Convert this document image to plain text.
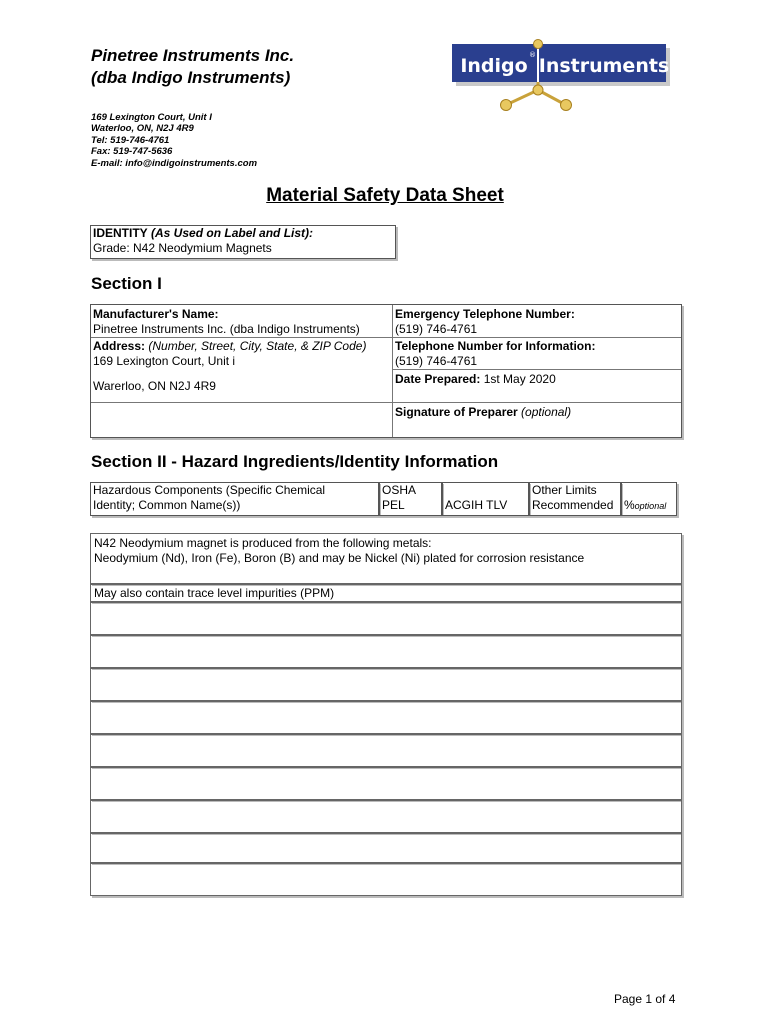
Pinetree Instruments Inc.
(dba Indigo Instruments)
169 Lexington Court, Unit I
Waterloo, ON, N2J 4R9
Tel: 519-746-4761
Fax: 519-747-5636
E-mail: info@indigoinstruments.com
Indigo ® Instruments
Material Safety Data Sheet
IDENTITY (As Used on Label and List):
Grade: N42 Neodymium Magnets
Section I
Manufacturer's Name:
Pinetree Instruments Inc. (dba Indigo Instruments)
Address: (Number, Street, City, State, & ZIP Code)
169 Lexington Court, Unit i
Warerloo, ON N2J 4R9
Emergency Telephone Number:
(519) 746-4761
Telephone Number for Information:
(519) 746-4761
Date Prepared: 1st May 2020
Signature of Preparer (optional)
Section II - Hazard Ingredients/Identity Information
Hazardous Components (Specific Chemical
Identity; Common Name(s))
OSHA
PEL	ACGIH TLV
Other Limits
Recommended %optional
N42 Neodymium magnet is produced from the following metals:
Neodymium (Nd), Iron (Fe), Boron (B) and may be Nickel (Ni) plated for corrosion resistance
May also contain trace level impurities (PPM)
Page 1 of 4
